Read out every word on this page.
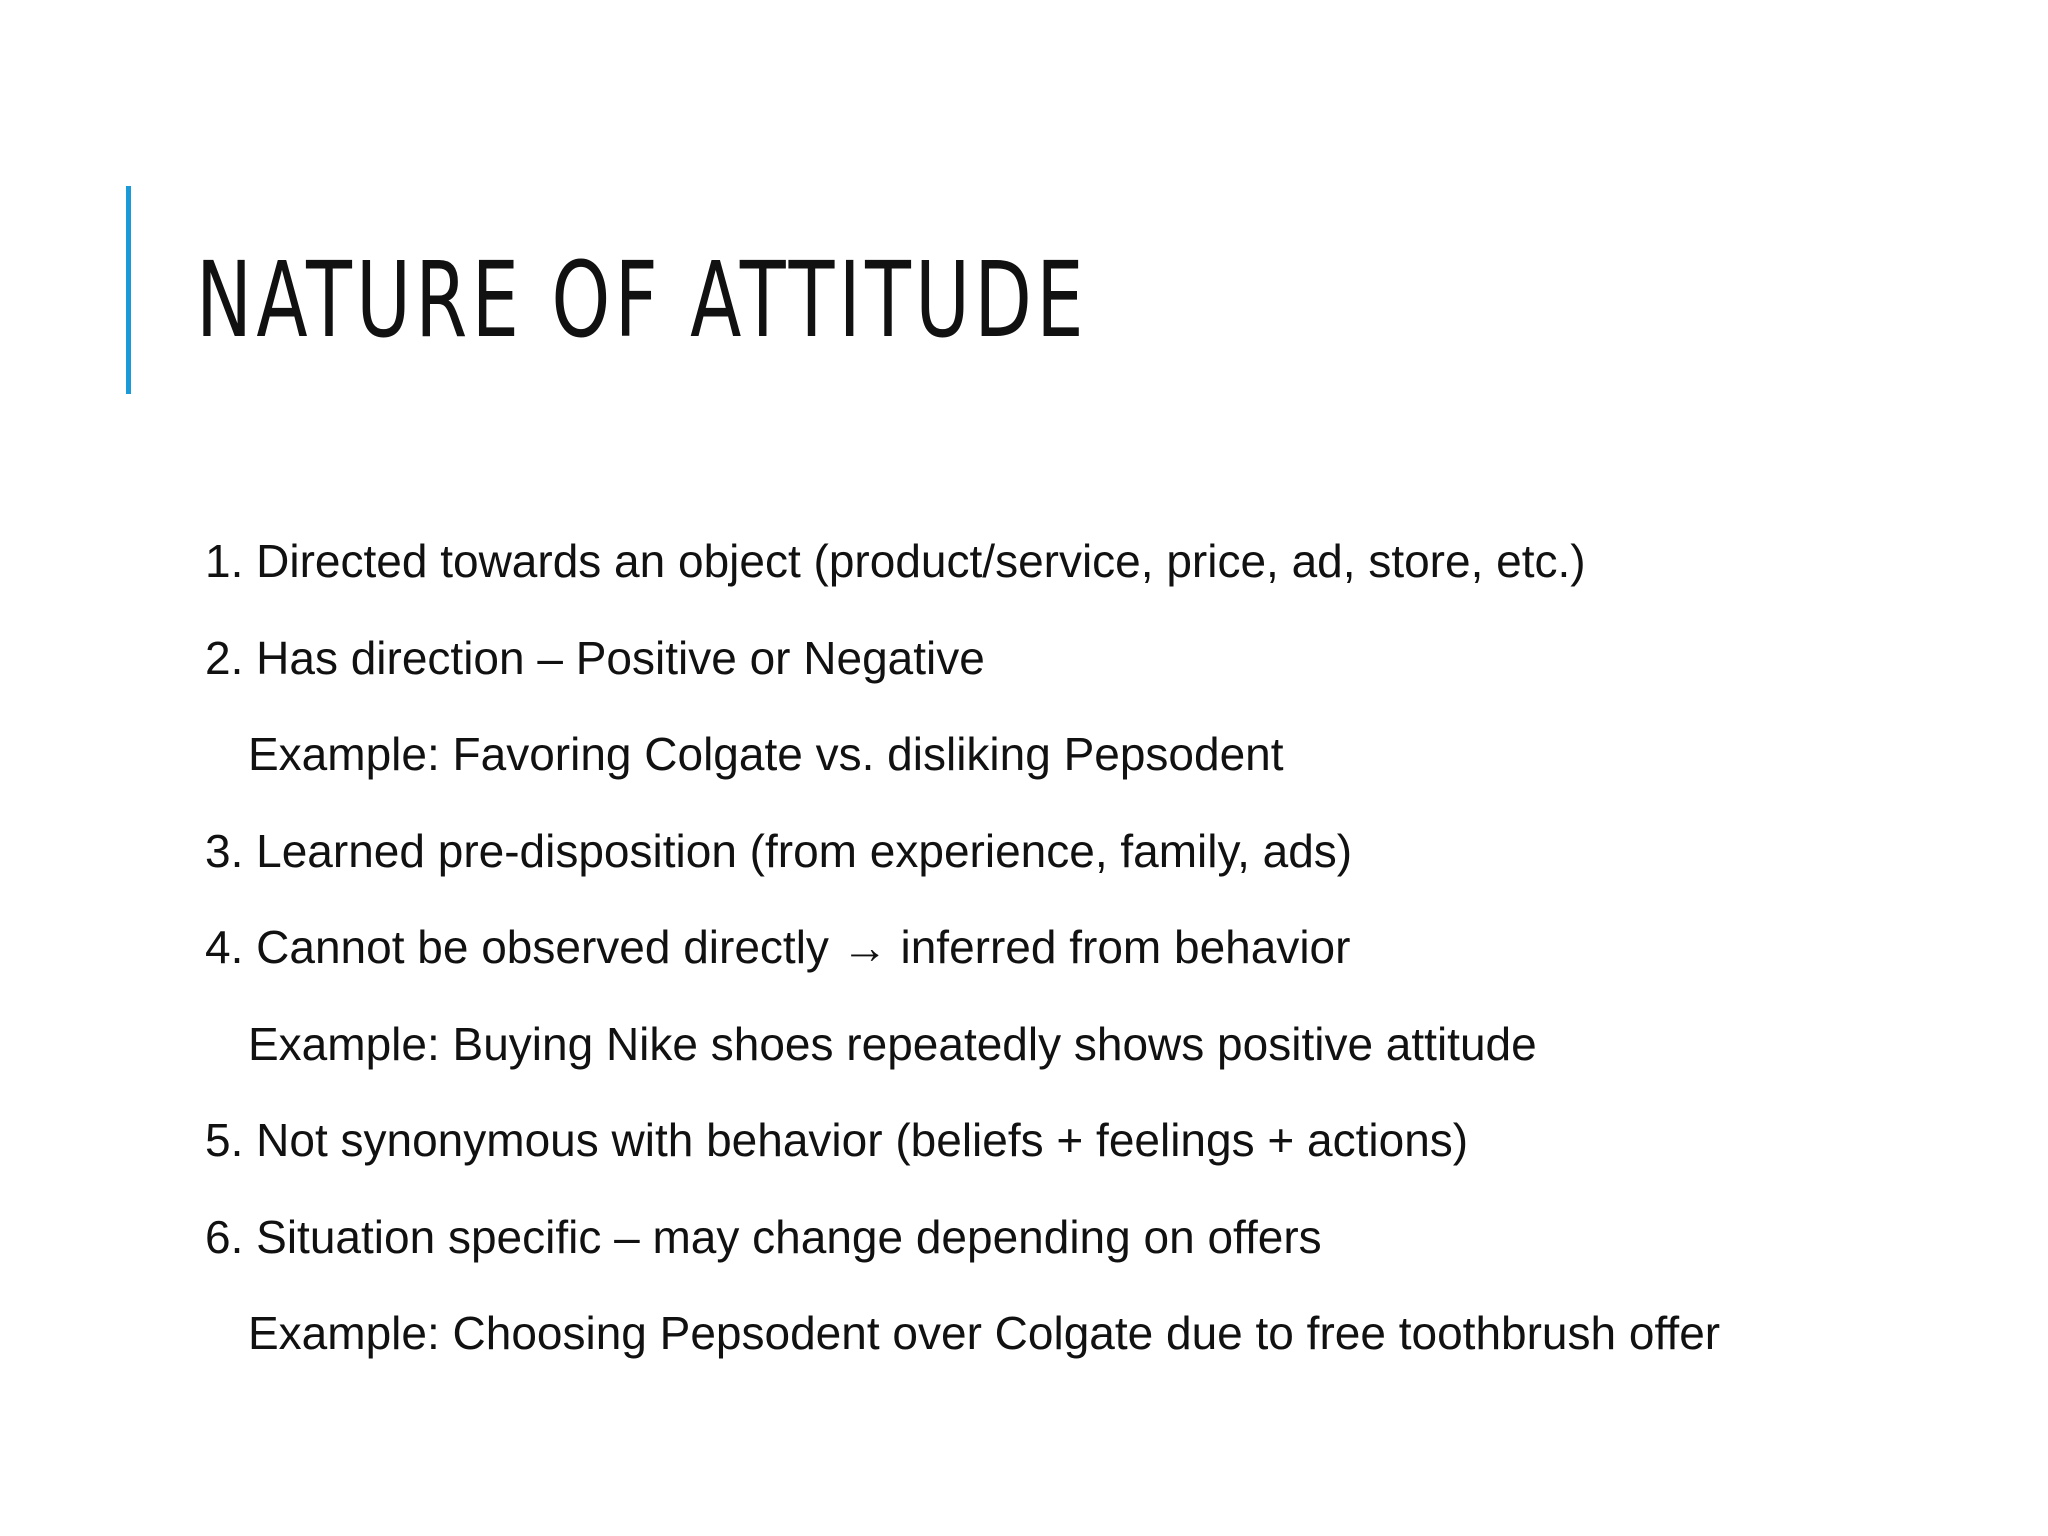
NATURE OF ATTITUDE
1. Directed towards an object (product/service, price, ad, store, etc.)
2. Has direction – Positive or Negative
Example: Favoring Colgate vs. disliking Pepsodent
3. Learned pre-disposition (from experience, family, ads)
4. Cannot be observed directly → inferred from behavior
Example: Buying Nike shoes repeatedly shows positive attitude
5. Not synonymous with behavior (beliefs + feelings + actions)
6. Situation specific – may change depending on offers
Example: Choosing Pepsodent over Colgate due to free toothbrush offer
